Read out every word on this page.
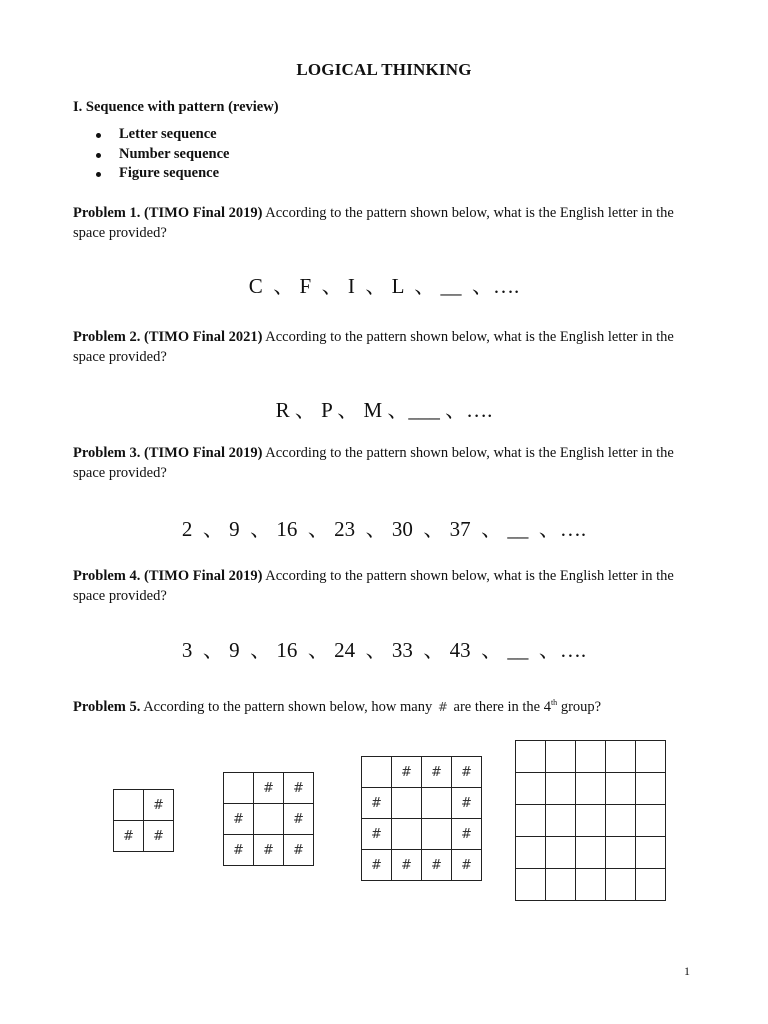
LOGICAL THINKING

I. Sequence with pattern (review)

Letter sequence
Number sequence
Figure sequence

Problem 1. (TIMO Final 2019) According to the pattern shown below, what is the English letter in the space provided?

C  、 F  、 I  、 L  、 __  、….

Problem 2. (TIMO Final 2021) According to the pattern shown below, what is the English letter in the space provided?

R 、 P 、 M 、___ 、….

Problem 3. (TIMO Final 2019) According to the pattern shown below, what is the English letter in the space provided?

2  、 9  、 16  、 23  、 30  、 37  、 __  、….

Problem 4. (TIMO Final 2019) According to the pattern shown below, what is the English letter in the space provided?

3  、 9  、 16  、 24  、 33  、 43  、 __  、….

Problem 5. According to the pattern shown below, how many # are there in the 4th group?

	#
#	#
	#	#
#		#
#	#	#
	#	#	#
#			#
#			#
#	#	#	#

1
